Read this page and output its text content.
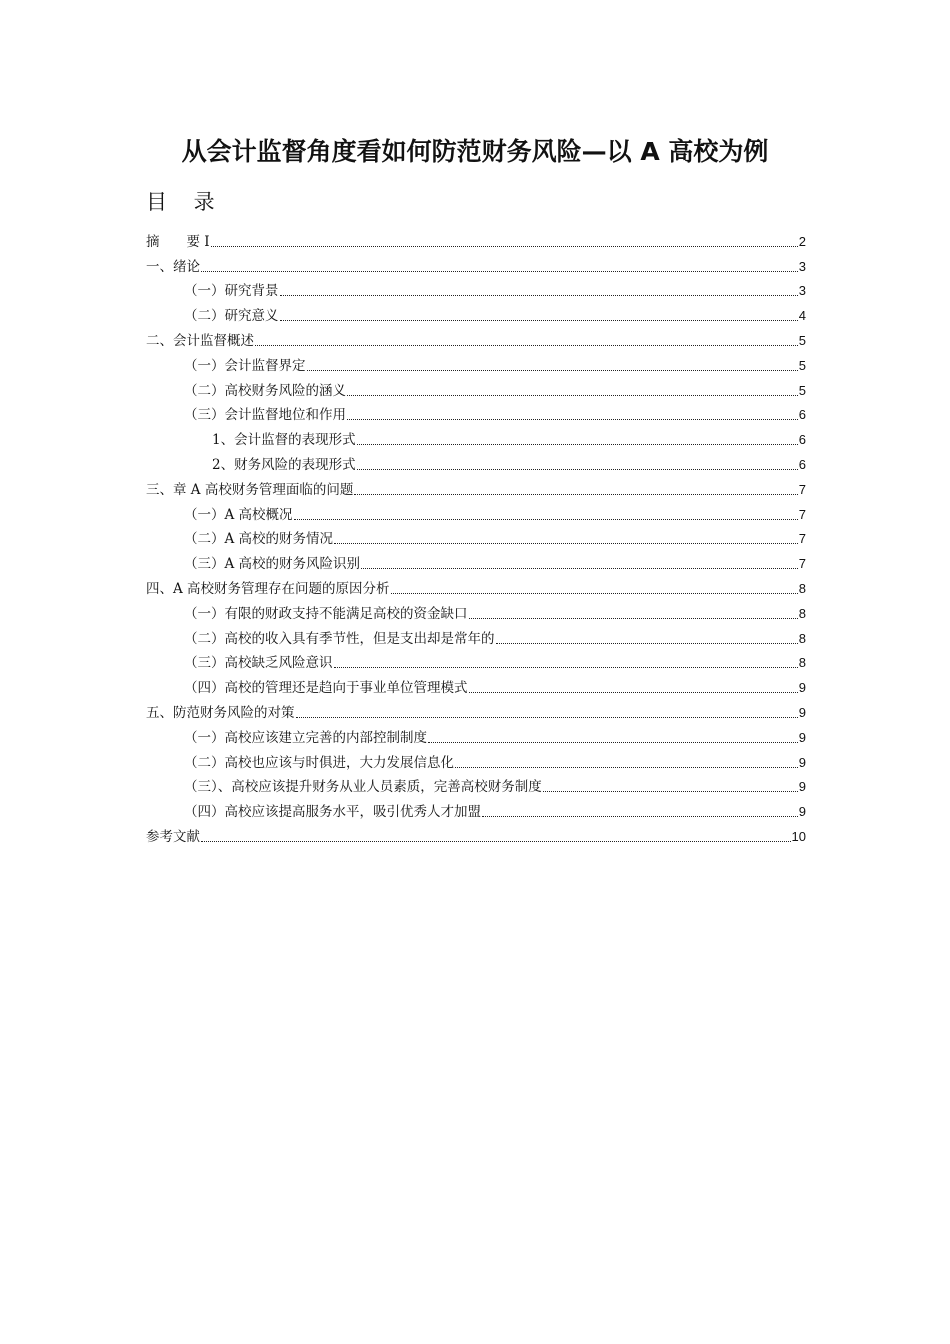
从会计监督角度看如何防范财务风险—以 A 高校为例
目 录
摘　　要 I	2
一、绪论	3
（一）研究背景	3
（二）研究意义	4
二、会计监督概述	5
（一）会计监督界定	5
（二）高校财务风险的涵义	5
（三）会计监督地位和作用	6
1、会计监督的表现形式	6
2、财务风险的表现形式	6
三、章 A 高校财务管理面临的问题	7
（一）A 高校概况	7
（二）A 高校的财务情况	7
（三）A 高校的财务风险识别	7
四、A 高校财务管理存在问题的原因分析	8
（一）有限的财政支持不能满足高校的资金缺口	8
（二）高校的收入具有季节性，但是支出却是常年的	8
（三）高校缺乏风险意识	8
（四）高校的管理还是趋向于事业单位管理模式	9
五、防范财务风险的对策	9
（一）高校应该建立完善的内部控制制度	9
（二）高校也应该与时俱进，大力发展信息化	9
（三）、高校应该提升财务从业人员素质，完善高校财务制度	9
（四）高校应该提高服务水平，吸引优秀人才加盟	9
参考文献	10
